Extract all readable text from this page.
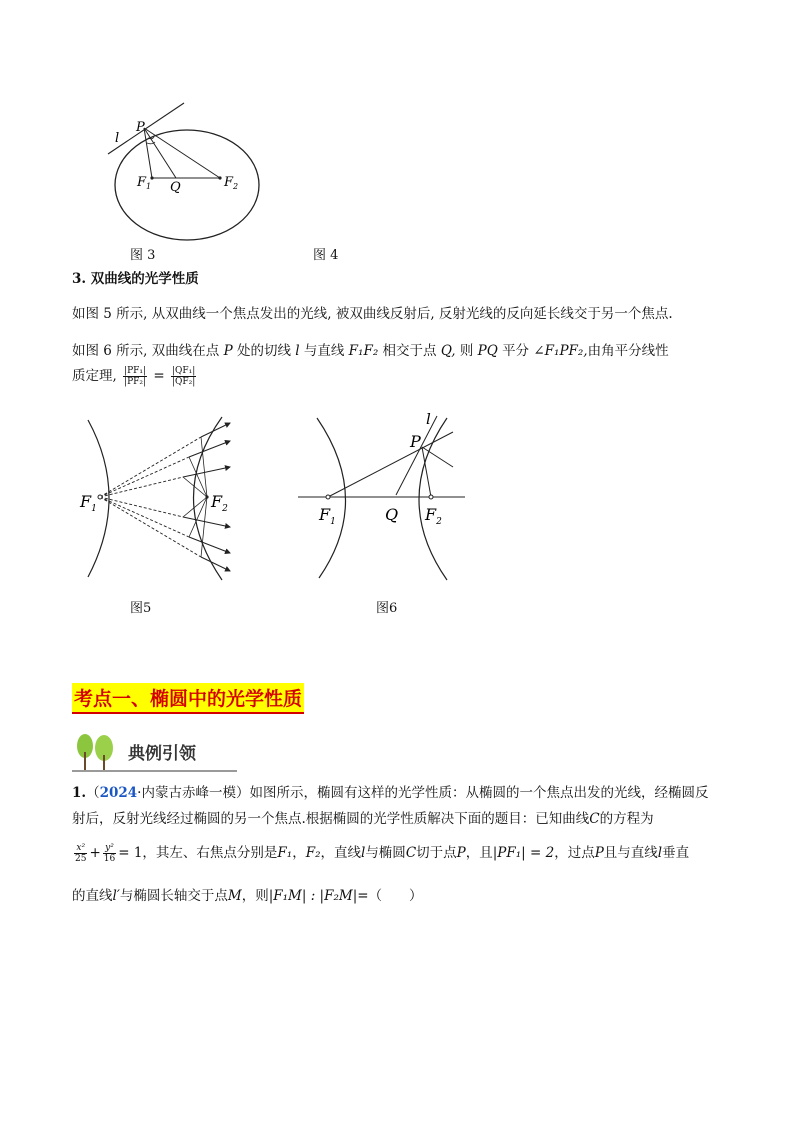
l
P
$F_1$ Q	$F_2$
图 3	图 4
3. 双曲线的光学性质
如图 5 所示, 从双曲线一个焦点发出的光线, 被双曲线反射后, 反射光线的反向延长线交于另一个焦点.
如图 6 所示, 双曲线在点 P 处的切线 l 与直线 F₁F₂ 相交于点 Q, 则 PQ 平分 ∠F₁PF₂,由角平分线性
质定理, $\frac{\text{|PF₁|}}{\text{|PF₂|}} = \frac{\text{|QF₁|}}{\text{|QF₂|}}$
$F_1$	$F_2$
l
P
$F_1$	Q $F_2$
图5	图6
考点一、椭圆中的光学性质
典例引领
1.（2024·内蒙古赤峰一模）如图所示，椭圆有这样的光学性质：从椭圆的一个焦点出发的光线，经椭圆反
射后，反射光线经过椭圆的另一个焦点.根据椭圆的光学性质解决下面的题目：已知曲线C的方程为
$\frac{\text{x²}}{25} + \frac{\text{y²}}{16} = 1$，其左、右焦点分别是F₁，F₂，直线l与椭圆C切于点P，且|PF₁| = 2，过点P且与直线l垂直
的直线l′与椭圆长轴交于点M，则|F₁M| : |F₂M|=（　　）
